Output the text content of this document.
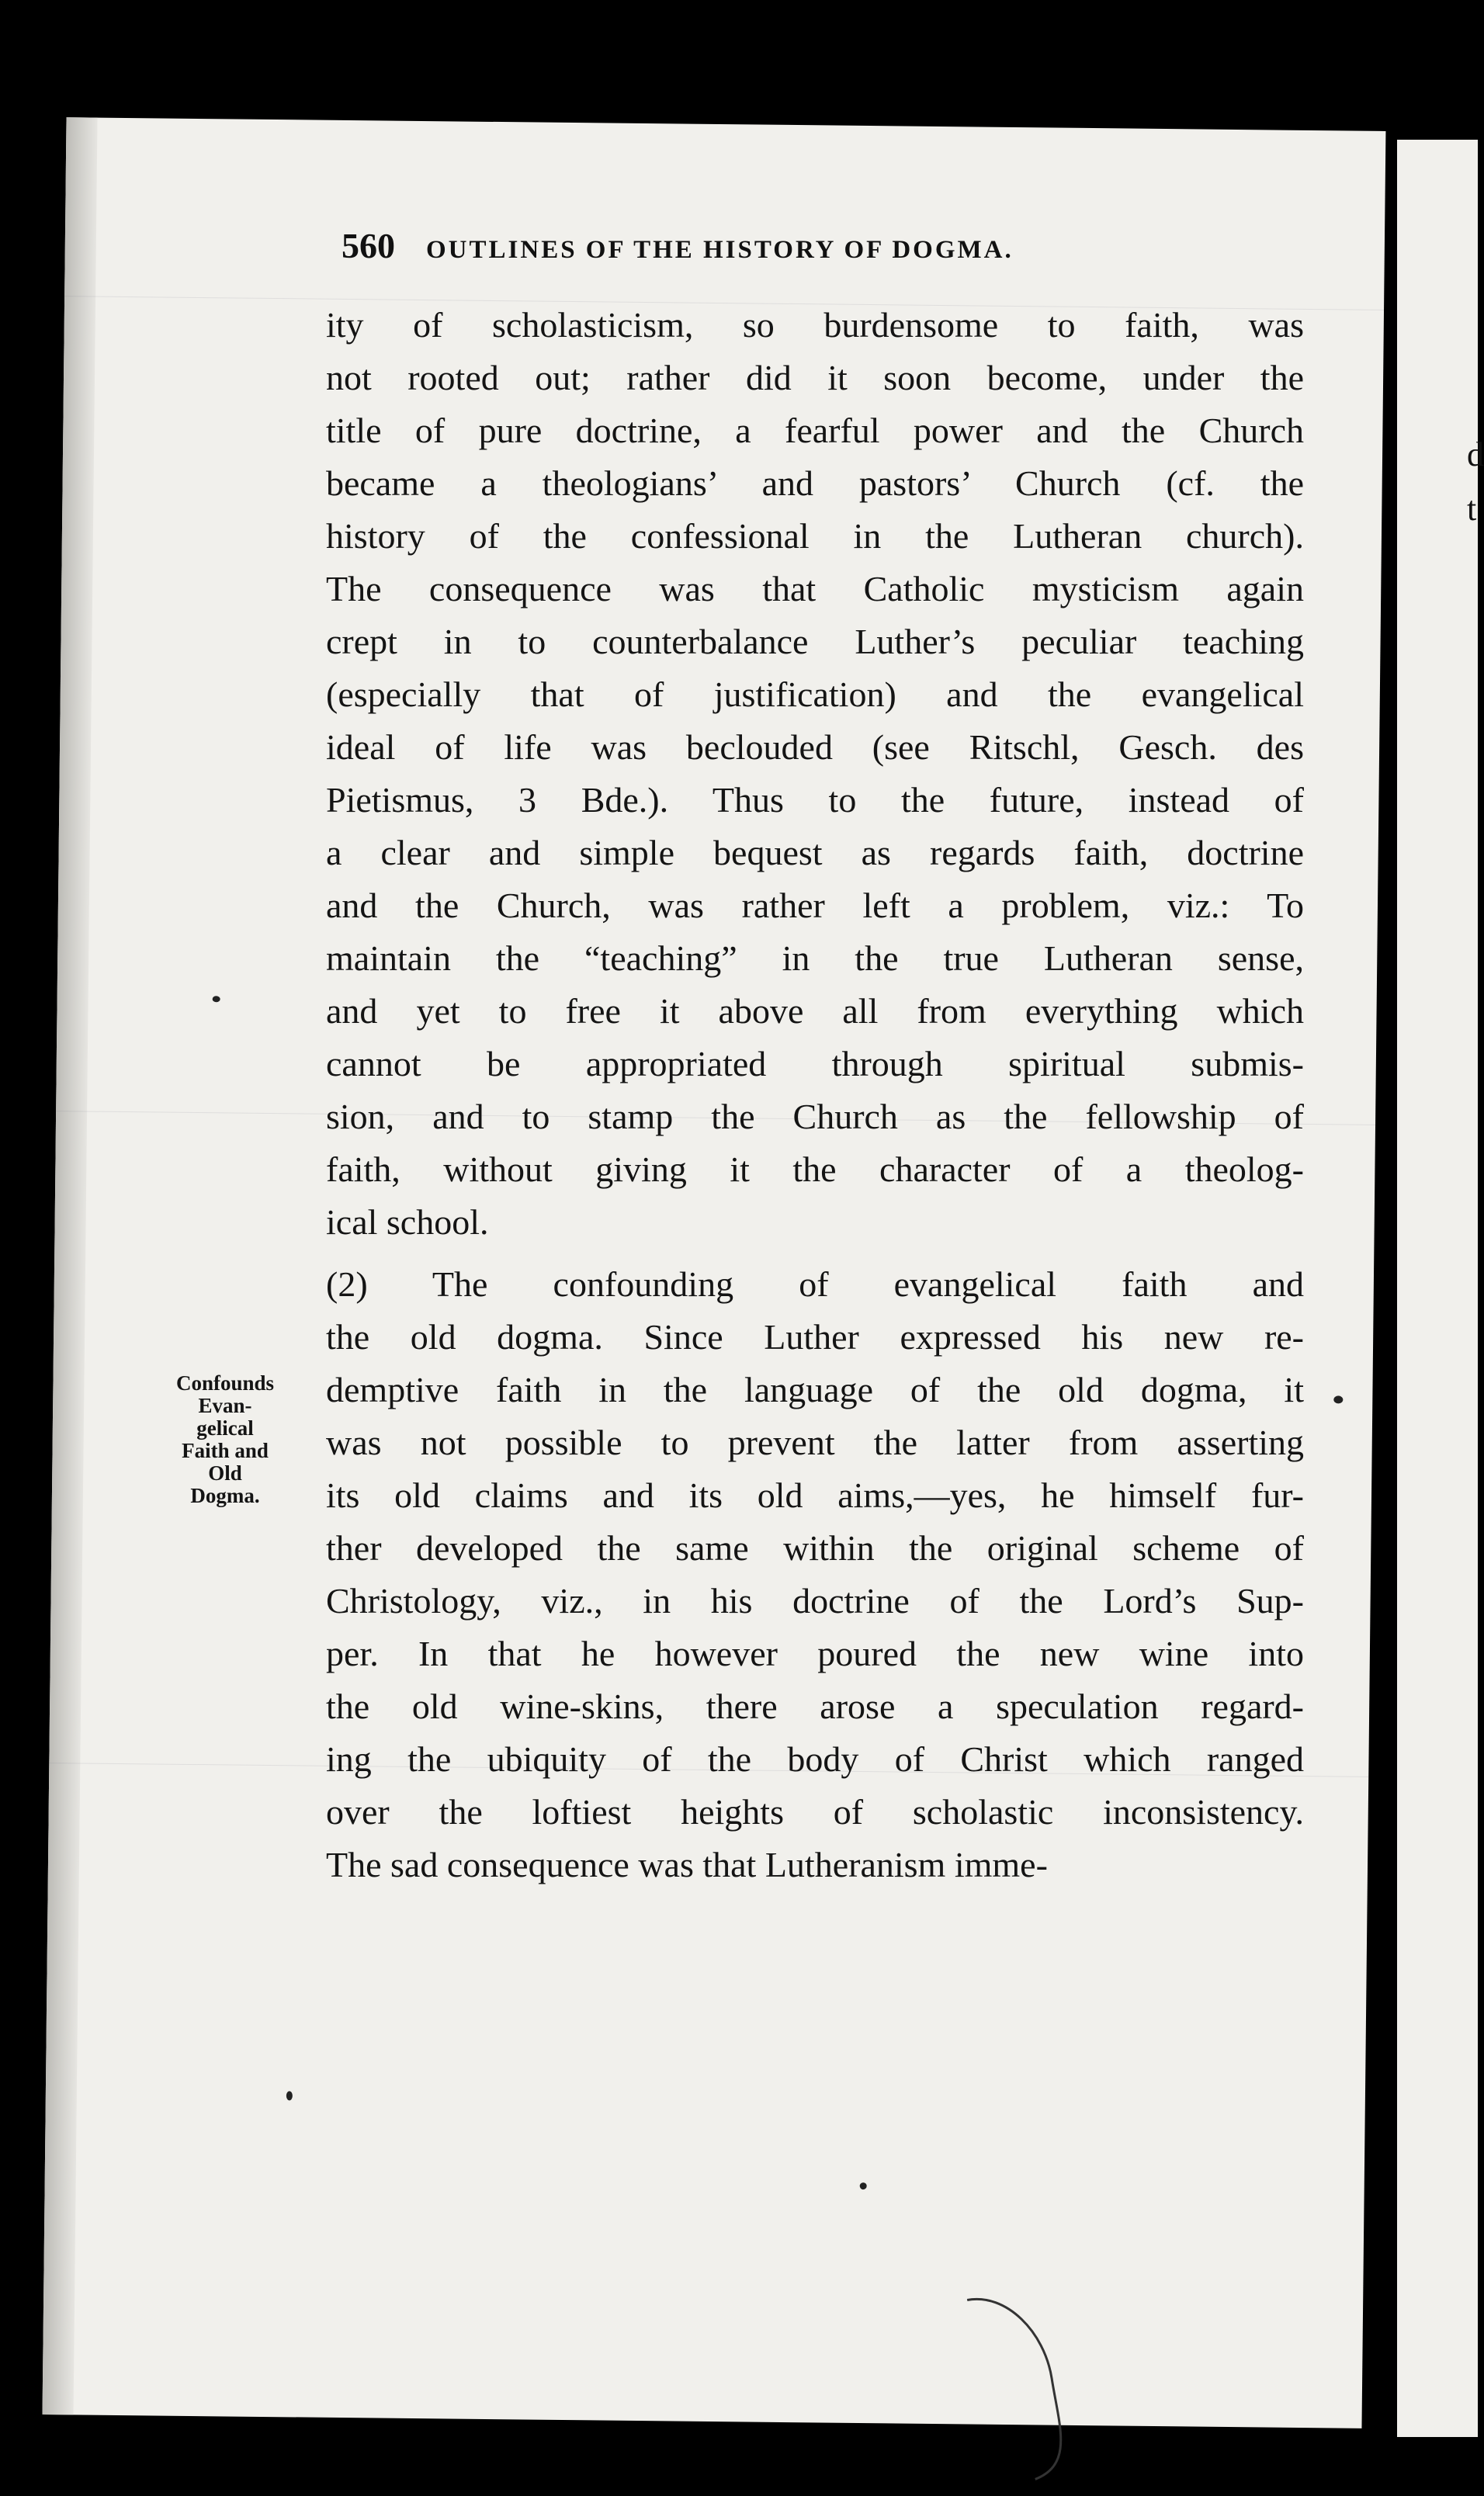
d
t
560 OUTLINES OF THE HISTORY OF DOGMA.
Confounds
Evan-
gelical
Faith and
Old
Dogma.
ity of scholasticism, so burdensome to faith, was
not rooted out; rather did it soon become, under the
title of pure doctrine, a fearful power and the Church
became a theologians’ and pastors’ Church (cf. the
history of the confessional in the Lutheran church).
The consequence was that Catholic mysticism again
crept in to counterbalance Luther’s peculiar teaching
(especially that of justification) and the evangelical
ideal of life was beclouded (see Ritschl, Gesch. des
Pietismus, 3 Bde.). Thus to the future, instead of
a clear and simple bequest as regards faith, doctrine
and the Church, was rather left a problem, viz.: To
maintain the “teaching” in the true Lutheran sense,
and yet to free it above all from everything which
cannot be appropriated through spiritual submis-
sion, and to stamp the Church as the fellowship of
faith, without giving it the character of a theolog-
ical school.
(2) The confounding of evangelical faith and
the old dogma. Since Luther expressed his new re-
demptive faith in the language of the old dogma, it
was not possible to prevent the latter from asserting
its old claims and its old aims,—yes, he himself fur-
ther developed the same within the original scheme of
Christology, viz., in his doctrine of the Lord’s Sup-
per. In that he however poured the new wine into
the old wine-skins, there arose a speculation regard-
ing the ubiquity of the body of Christ which ranged
over the loftiest heights of scholastic inconsistency.
The sad consequence was that Lutheranism imme-
